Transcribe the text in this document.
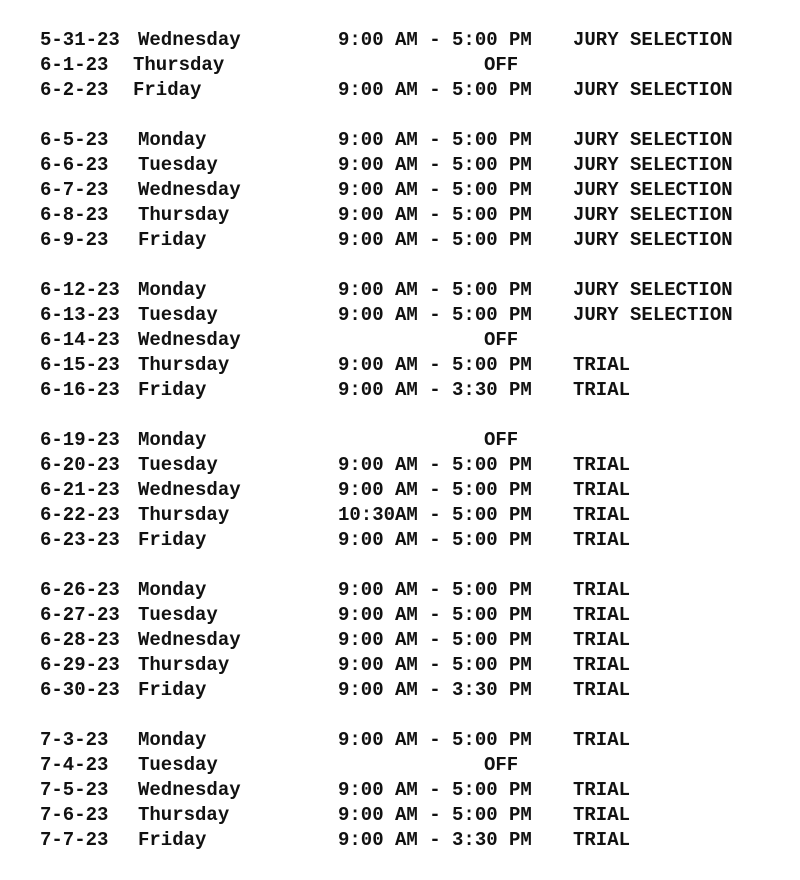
5-31-23 Wednesday	9:00 AM - 5:00 PM JURY SELECTION
6-1-23 Thursday	OFF
6-2-23 Friday	9:00 AM - 5:00 PM JURY SELECTION
6-5-23 Monday	9:00 AM - 5:00 PM JURY SELECTION
6-6-23 Tuesday	9:00 AM - 5:00 PM JURY SELECTION
6-7-23 Wednesday	9:00 AM - 5:00 PM JURY SELECTION
6-8-23 Thursday	9:00 AM - 5:00 PM JURY SELECTION
6-9-23 Friday	9:00 AM - 5:00 PM JURY SELECTION
6-12-23 Monday	9:00 AM - 5:00 PM JURY SELECTION
6-13-23 Tuesday	9:00 AM - 5:00 PM JURY SELECTION
6-14-23 Wednesday	OFF
6-15-23 Thursday	9:00 AM - 5:00 PM TRIAL
6-16-23 Friday	9:00 AM - 3:30 PM TRIAL
6-19-23 Monday	OFF
6-20-23 Tuesday	9:00 AM - 5:00 PM TRIAL
6-21-23 Wednesday	9:00 AM - 5:00 PM TRIAL
6-22-23 Thursday	10:30AM - 5:00 PM TRIAL
6-23-23 Friday	9:00 AM - 5:00 PM TRIAL
6-26-23 Monday	9:00 AM - 5:00 PM TRIAL
6-27-23 Tuesday	9:00 AM - 5:00 PM TRIAL
6-28-23 Wednesday	9:00 AM - 5:00 PM TRIAL
6-29-23 Thursday	9:00 AM - 5:00 PM TRIAL
6-30-23 Friday	9:00 AM - 3:30 PM TRIAL
7-3-23 Monday	9:00 AM - 5:00 PM TRIAL
7-4-23 Tuesday	OFF
7-5-23 Wednesday	9:00 AM - 5:00 PM TRIAL
7-6-23 Thursday	9:00 AM - 5:00 PM TRIAL
7-7-23 Friday	9:00 AM - 3:30 PM TRIAL
